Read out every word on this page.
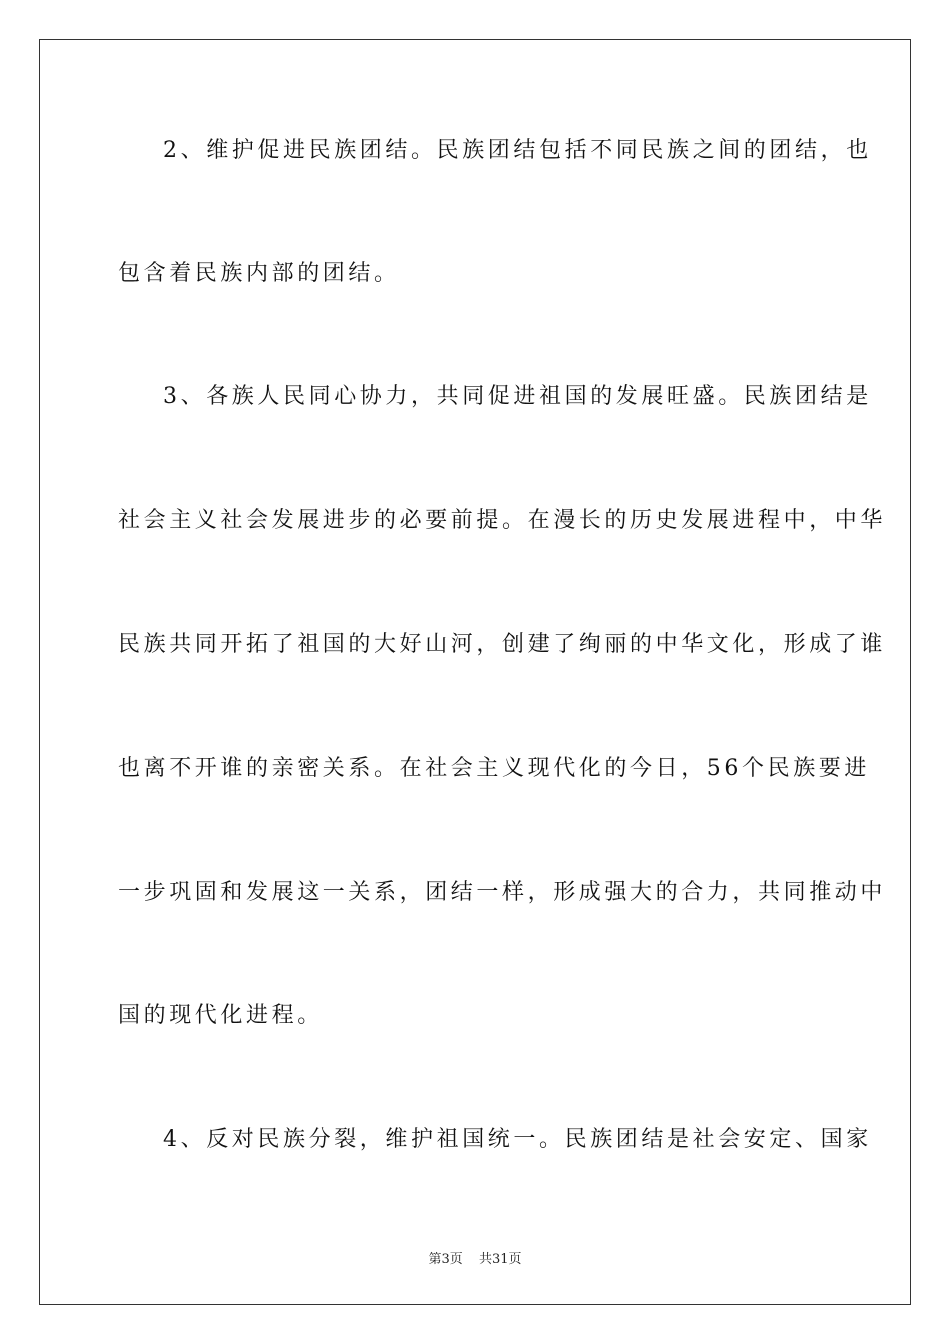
2、维护促进民族团结。民族团结包括不同民族之间的团结，也
包含着民族内部的团结。
3、各族人民同心协力，共同促进祖国的发展旺盛。民族团结是
社会主义社会发展进步的必要前提。在漫长的历史发展进程中，中华
民族共同开拓了祖国的大好山河，创建了绚丽的中华文化，形成了谁
也离不开谁的亲密关系。在社会主义现代化的今日，56个民族要进
一步巩固和发展这一关系，团结一样，形成强大的合力，共同推动中
国的现代化进程。
4、反对民族分裂，维护祖国统一。民族团结是社会安定、国家
第3页 共31页
